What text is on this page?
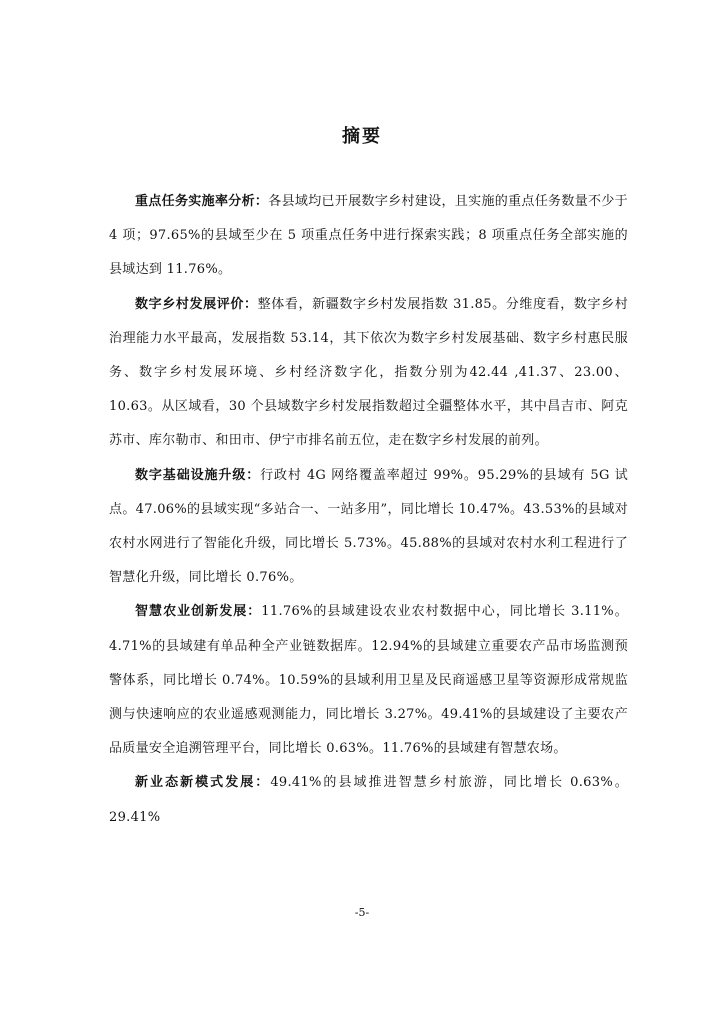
摘要

重点任务实施率分析：各县域均已开展数字乡村建设，且实施的重点任务数量不少于 4 项；97.65%的县域至少在 5 项重点任务中进行探索实践；8 项重点任务全部实施的县域达到 11.76%。

数字乡村发展评价：整体看，新疆数字乡村发展指数 31.85。分维度看，数字乡村治理能力水平最高，发展指数 53.14，其下依次为数字乡村发展基础、数字乡村惠民服务、数字乡村发展环境、乡村经济数字化，指数分别为42.44 ,41.37、23.00、10.63。从区域看，30 个县域数字乡村发展指数超过全疆整体水平，其中昌吉市、阿克苏市、库尔勒市、和田市、伊宁市排名前五位，走在数字乡村发展的前列。

数字基础设施升级：行政村 4G 网络覆盖率超过 99%。95.29%的县域有 5G 试点。47.06%的县域实现“多站合一、一站多用”，同比增长 10.47%。43.53%的县域对农村水网进行了智能化升级，同比增长 5.73%。45.88%的县域对农村水利工程进行了智慧化升级，同比增长 0.76%。

智慧农业创新发展：11.76%的县域建设农业农村数据中心，同比增长 3.11%。4.71%的县域建有单品种全产业链数据库。12.94%的县域建立重要农产品市场监测预警体系，同比增长 0.74%。10.59%的县域利用卫星及民商遥感卫星等资源形成常规监测与快速响应的农业遥感观测能力，同比增长 3.27%。49.41%的县域建设了主要农产品质量安全追溯管理平台，同比增长 0.63%。11.76%的县域建有智慧农场。

新业态新模式发展：49.41%的县域推进智慧乡村旅游，同比增长 0.63%。29.41%

-5-
